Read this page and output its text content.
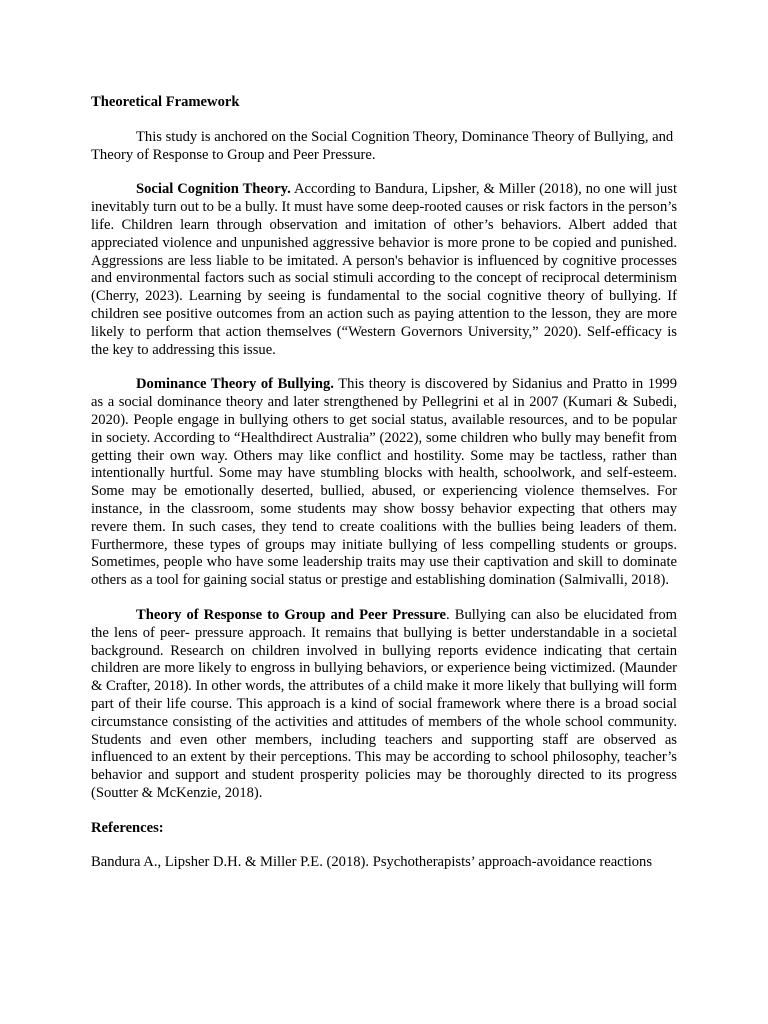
Theoretical Framework

This study is anchored on the Social Cognition Theory, Dominance Theory of Bullying, and Theory of Response to Group and Peer Pressure.

Social Cognition Theory. According to Bandura, Lipsher, & Miller (2018), no one will just inevitably turn out to be a bully. It must have some deep-rooted causes or risk factors in the person’s life. Children learn through observation and imitation of other’s behaviors. Albert added that appreciated violence and unpunished aggressive behavior is more prone to be copied and punished. Aggressions are less liable to be imitated. A person's behavior is influenced by cognitive processes and environmental factors such as social stimuli according to the concept of reciprocal determinism (Cherry, 2023). Learning by seeing is fundamental to the social cognitive theory of bullying. If children see positive outcomes from an action such as paying attention to the lesson, they are more likely to perform that action themselves (“Western Governors University,” 2020). Self-efficacy is the key to addressing this issue.

Dominance Theory of Bullying. This theory is discovered by Sidanius and Pratto in 1999 as a social dominance theory and later strengthened by Pellegrini et al in 2007 (Kumari & Subedi, 2020). People engage in bullying others to get social status, available resources, and to be popular in society. According to “Healthdirect Australia” (2022), some children who bully may benefit from getting their own way. Others may like conflict and hostility. Some may be tactless, rather than intentionally hurtful. Some may have stumbling blocks with health, schoolwork, and self-esteem. Some may be emotionally deserted, bullied, abused, or experiencing violence themselves. For instance, in the classroom, some students may show bossy behavior expecting that others may revere them. In such cases, they tend to create coalitions with the bullies being leaders of them. Furthermore, these types of groups may initiate bullying of less compelling students or groups. Sometimes, people who have some leadership traits may use their captivation and skill to dominate others as a tool for gaining social status or prestige and establishing domination (Salmivalli, 2018).

Theory of Response to Group and Peer Pressure. Bullying can also be elucidated from the lens of peer- pressure approach. It remains that bullying is better understandable in a societal background. Research on children involved in bullying reports evidence indicating that certain children are more likely to engross in bullying behaviors, or experience being victimized. (Maunder & Crafter, 2018). In other words, the attributes of a child make it more likely that bullying will form part of their life course. This approach is a kind of social framework where there is a broad social circumstance consisting of the activities and attitudes of members of the whole school community. Students and even other members, including teachers and supporting staff are observed as influenced to an extent by their perceptions. This may be according to school philosophy, teacher’s behavior and support and student prosperity policies may be thoroughly directed to its progress (Soutter & McKenzie, 2018).

References:

Bandura A., Lipsher D.H. & Miller P.E. (2018). Psychotherapists’ approach-avoidance reactions
